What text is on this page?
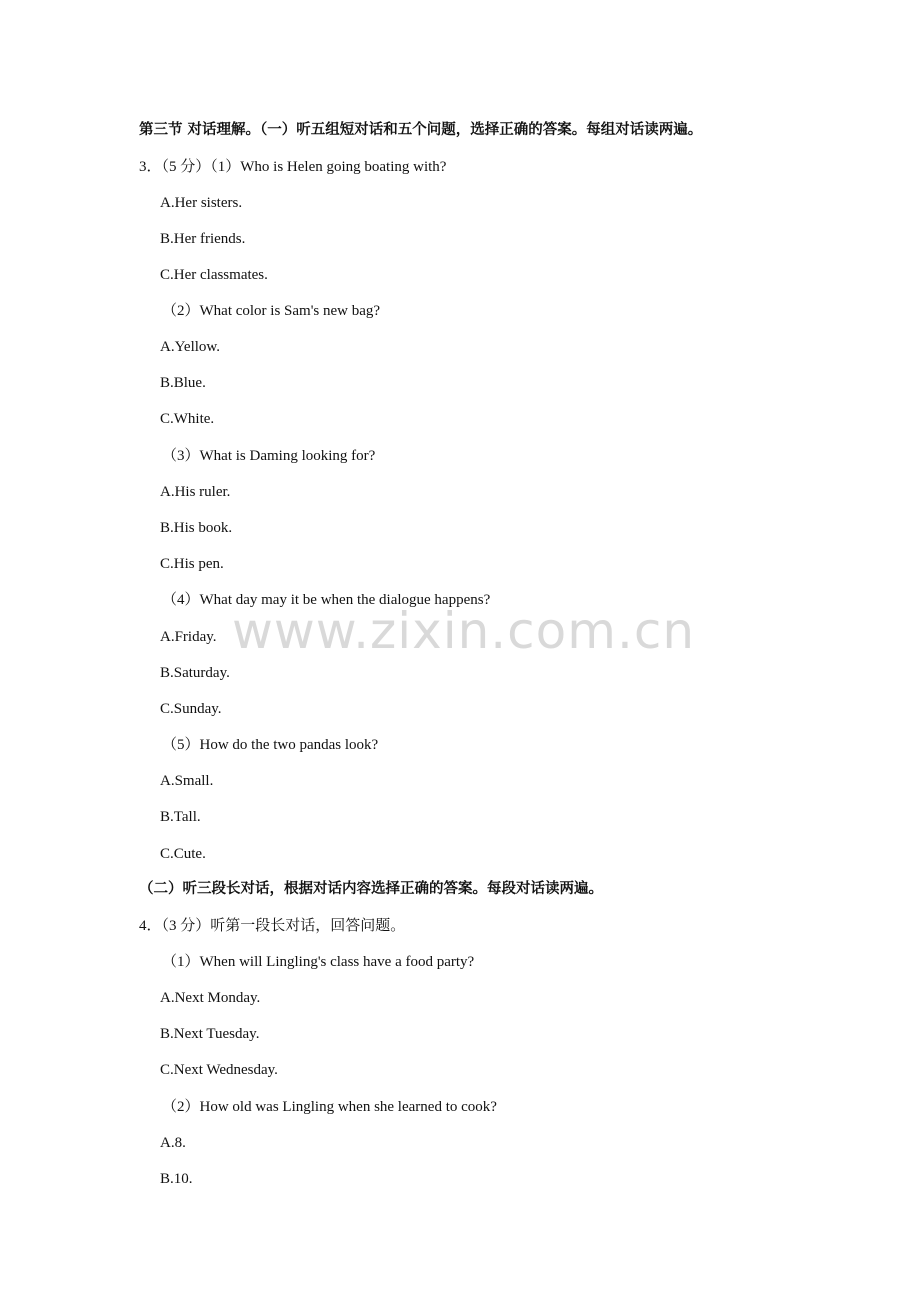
www.zixin.com.cn
第三节 对话理解。（一）听五组短对话和五个问题，选择正确的答案。每组对话读两遍。
3．（5 分）（1）Who is Helen going boating with?
A.Her sisters.
B.Her friends.
C.Her classmates.
（2）What color is Sam's new bag?
A.Yellow.
B.Blue.
C.White.
（3）What is Daming looking for?
A.His ruler.
B.His book.
C.His pen.
（4）What day may it be when the dialogue happens?
A.Friday.
B.Saturday.
C.Sunday.
（5）How do the two pandas look?
A.Small.
B.Tall.
C.Cute.
（二）听三段长对话，根据对话内容选择正确的答案。每段对话读两遍。
4．（3 分）听第一段长对话，回答问题。
（1）When will Lingling's class have a food party?
A.Next Monday.
B.Next Tuesday.
C.Next Wednesday.
（2）How old was Lingling when she learned to cook?
A.8.
B.10.
